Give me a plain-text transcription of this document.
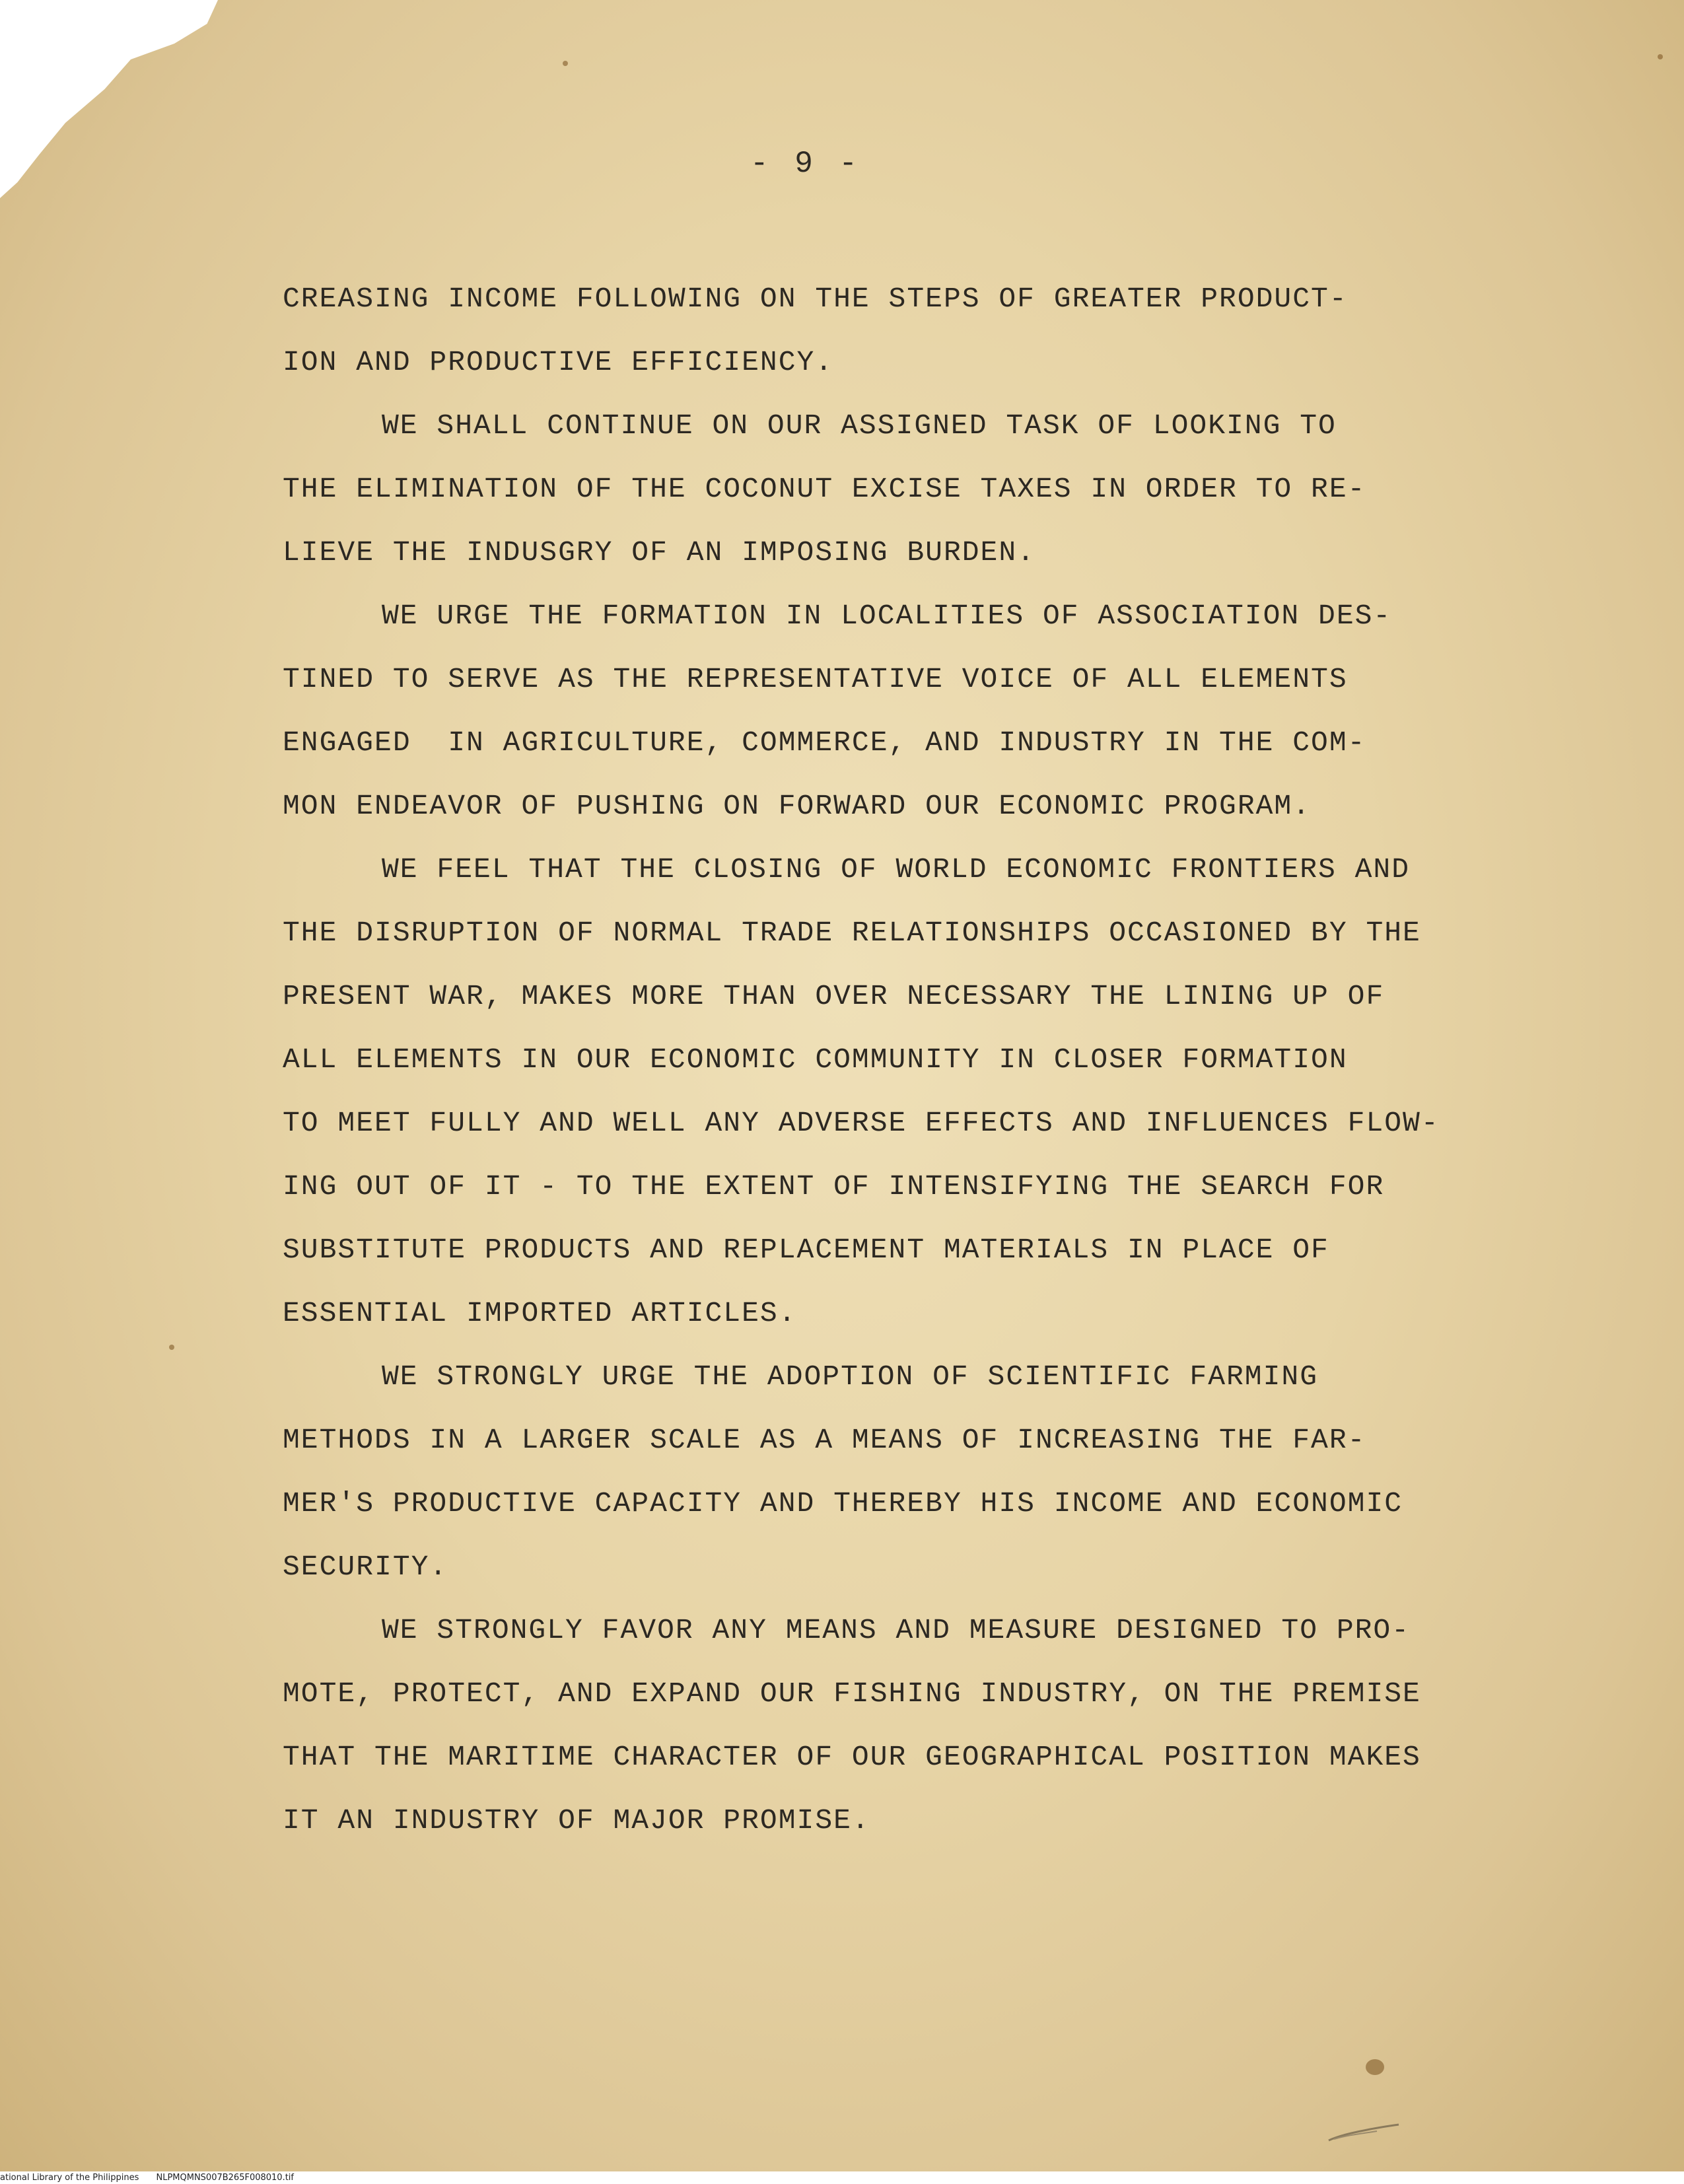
- 9 -
CREASING INCOME FOLLOWING ON THE STEPS OF GREATER PRODUCT-
ION AND PRODUCTIVE EFFICIENCY.
WE SHALL CONTINUE ON OUR ASSIGNED TASK OF LOOKING TO
THE ELIMINATION OF THE COCONUT EXCISE TAXES IN ORDER TO RE-
LIEVE THE INDUSGRY OF AN IMPOSING BURDEN.
WE URGE THE FORMATION IN LOCALITIES OF ASSOCIATION DES-
TINED TO SERVE AS THE REPRESENTATIVE VOICE OF ALL ELEMENTS
ENGAGED  IN AGRICULTURE, COMMERCE, AND INDUSTRY IN THE COM-
MON ENDEAVOR OF PUSHING ON FORWARD OUR ECONOMIC PROGRAM.
WE FEEL THAT THE CLOSING OF WORLD ECONOMIC FRONTIERS AND
THE DISRUPTION OF NORMAL TRADE RELATIONSHIPS OCCASIONED BY THE
PRESENT WAR, MAKES MORE THAN OVER NECESSARY THE LINING UP OF
ALL ELEMENTS IN OUR ECONOMIC COMMUNITY IN CLOSER FORMATION
TO MEET FULLY AND WELL ANY ADVERSE EFFECTS AND INFLUENCES FLOW-
ING OUT OF IT - TO THE EXTENT OF INTENSIFYING THE SEARCH FOR
SUBSTITUTE PRODUCTS AND REPLACEMENT MATERIALS IN PLACE OF
ESSENTIAL IMPORTED ARTICLES.
WE STRONGLY URGE THE ADOPTION OF SCIENTIFIC FARMING
METHODS IN A LARGER SCALE AS A MEANS OF INCREASING THE FAR-
MER'S PRODUCTIVE CAPACITY AND THEREBY HIS INCOME AND ECONOMIC
SECURITY.
WE STRONGLY FAVOR ANY MEANS AND MEASURE DESIGNED TO PRO-
MOTE, PROTECT, AND EXPAND OUR FISHING INDUSTRY, ON THE PREMISE
THAT THE MARITIME CHARACTER OF OUR GEOGRAPHICAL POSITION MAKES
IT AN INDUSTRY OF MAJOR PROMISE.
ational Library of the Philippines NLPMQMNS007B265F008010.tif
